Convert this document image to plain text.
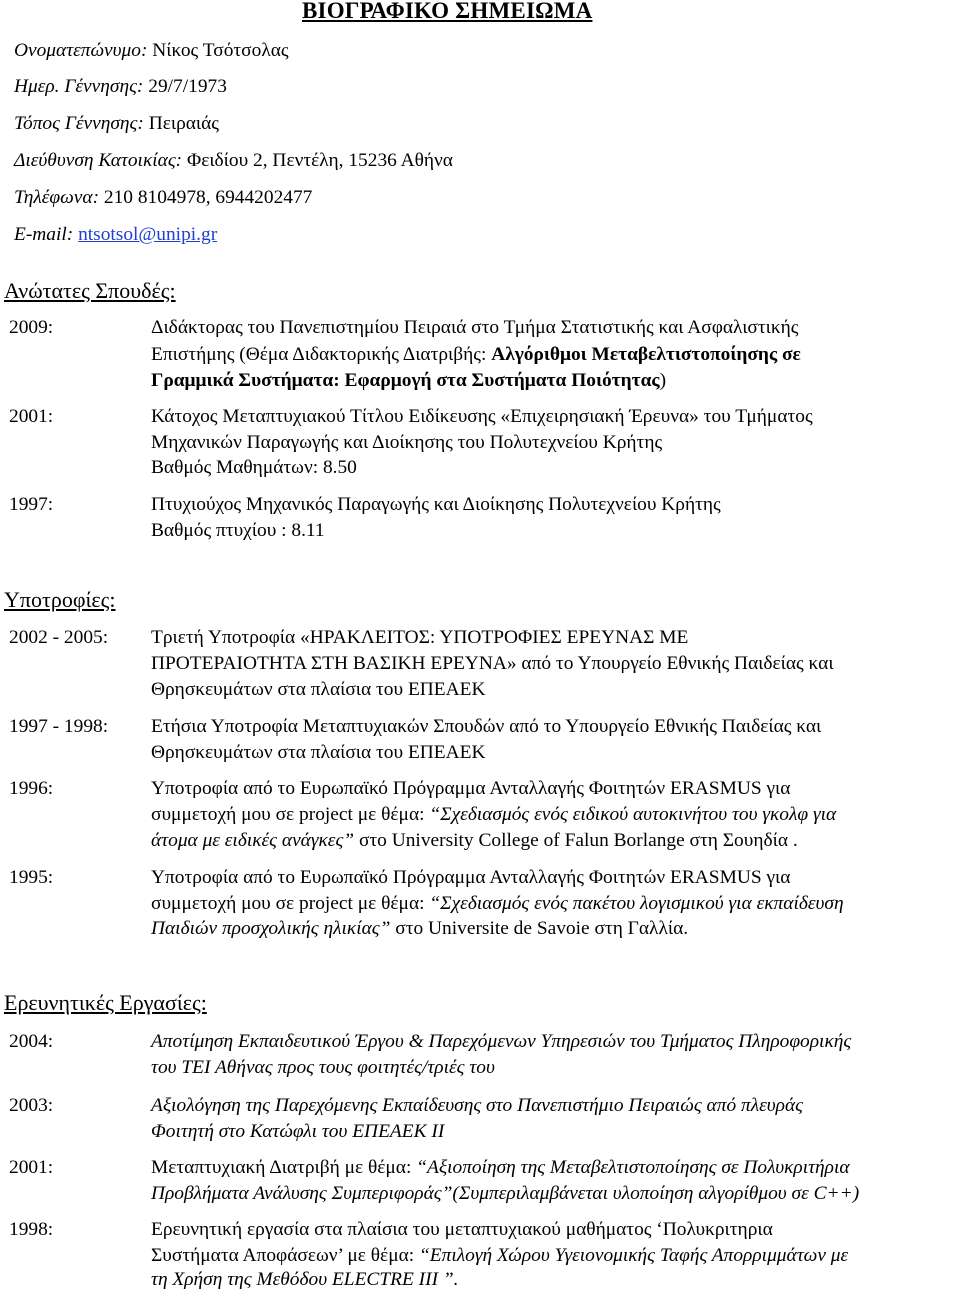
ΒΙΟΓΡΑΦΙΚΟ ΣΗΜΕΙΩΜΑ
Ονοματεπώνυμο: Νίκος Τσότσολας
Ημερ. Γέννησης: 29/7/1973
Τόπος Γέννησης: Πειραιάς
Διεύθυνση Κατοικίας: Φειδίου 2, Πεντέλη, 15236 Αθήνα
Τηλέφωνα: 210 8104978, 6944202477
E-mail: ntsotsol@unipi.gr
Ανώτατες Σπουδές:
2009:	Διδάκτορας του Πανεπιστημίου Πειραιά στο Τμήμα Στατιστικής και Ασφαλιστικής
Επιστήμης (Θέμα Διδακτορικής Διατριβής: Αλγόριθμοι Μεταβελτιστοποίησης σε
Γραμμικά Συστήματα: Εφαρμογή στα Συστήματα Ποιότητας)
2001:	Κάτοχος Μεταπτυχιακού Τίτλου Ειδίκευσης «Επιχειρησιακή Έρευνα» του Τμήματος
Μηχανικών Παραγωγής και Διοίκησης του Πολυτεχνείου Κρήτης
Βαθμός Μαθημάτων: 8.50
1997:	Πτυχιούχος Μηχανικός Παραγωγής και Διοίκησης Πολυτεχνείου Κρήτης
Βαθμός πτυχίου : 8.11
Υποτροφίες:
2002 - 2005: Τριετή Υποτροφία «ΗΡΑΚΛΕΙΤΟΣ: ΥΠΟΤΡΟΦΙΕΣ ΕΡΕΥΝΑΣ ΜΕ
ΠΡΟΤΕΡΑΙΟΤΗΤΑ ΣΤΗ ΒΑΣΙΚΗ ΕΡΕΥΝΑ» από το Υπουργείο Εθνικής Παιδείας και
Θρησκευμάτων στα πλαίσια του ΕΠΕΑΕΚ
1997 - 1998: Ετήσια Υποτροφία Μεταπτυχιακών Σπουδών από το Υπουργείο Εθνικής Παιδείας και
Θρησκευμάτων στα πλαίσια του ΕΠΕΑΕΚ
1996:	Υποτροφία από το Ευρωπαϊκό Πρόγραμμα Ανταλλαγής Φοιτητών ERASMUS για
συμμετοχή μου σε project με θέμα: “Σχεδιασμός ενός ειδικού αυτοκινήτου του γκολφ για
άτομα με ειδικές ανάγκες” στο University College of Falun Borlange στη Σουηδία .
1995:	Υποτροφία από το Ευρωπαϊκό Πρόγραμμα Ανταλλαγής Φοιτητών ERASMUS για
συμμετοχή μου σε project με θέμα: “Σχεδιασμός ενός πακέτου λογισμικού για εκπαίδευση
Παιδιών προσχολικής ηλικίας” στο Universite de Savoie στη Γαλλία.
Ερευνητικές Εργασίες:
2004:	Αποτίμηση Εκπαιδευτικού Έργου & Παρεχόμενων Υπηρεσιών του Τμήματος Πληροφορικής
του ΤΕΙ Αθήνας προς τους φοιτητές/τριές του
2003:	Αξιολόγηση της Παρεχόμενης Εκπαίδευσης στο Πανεπιστήμιο Πειραιώς από πλευράς
Φοιτητή στο Κατώφλι του ΕΠΕΑΕΚ ΙΙ
2001:	Μεταπτυχιακή Διατριβή με θέμα: “Αξιοποίηση της Μεταβελτιστοποίησης σε Πολυκριτήρια
Προβλήματα Ανάλυσης Συμπεριφοράς”(Συμπεριλαμβάνεται υλοποίηση αλγορίθμου σε C++)
1998:	Ερευνητική εργασία στα πλαίσια του μεταπτυχιακού μαθήματος ‘Πολυκριτηρια
Συστήματα Αποφάσεων’ με θέμα: “Επιλογή Χώρου Υγειονομικής Ταφής Απορριμμάτων με
τη Χρήση της Μεθόδου ELECTRE III ”.
